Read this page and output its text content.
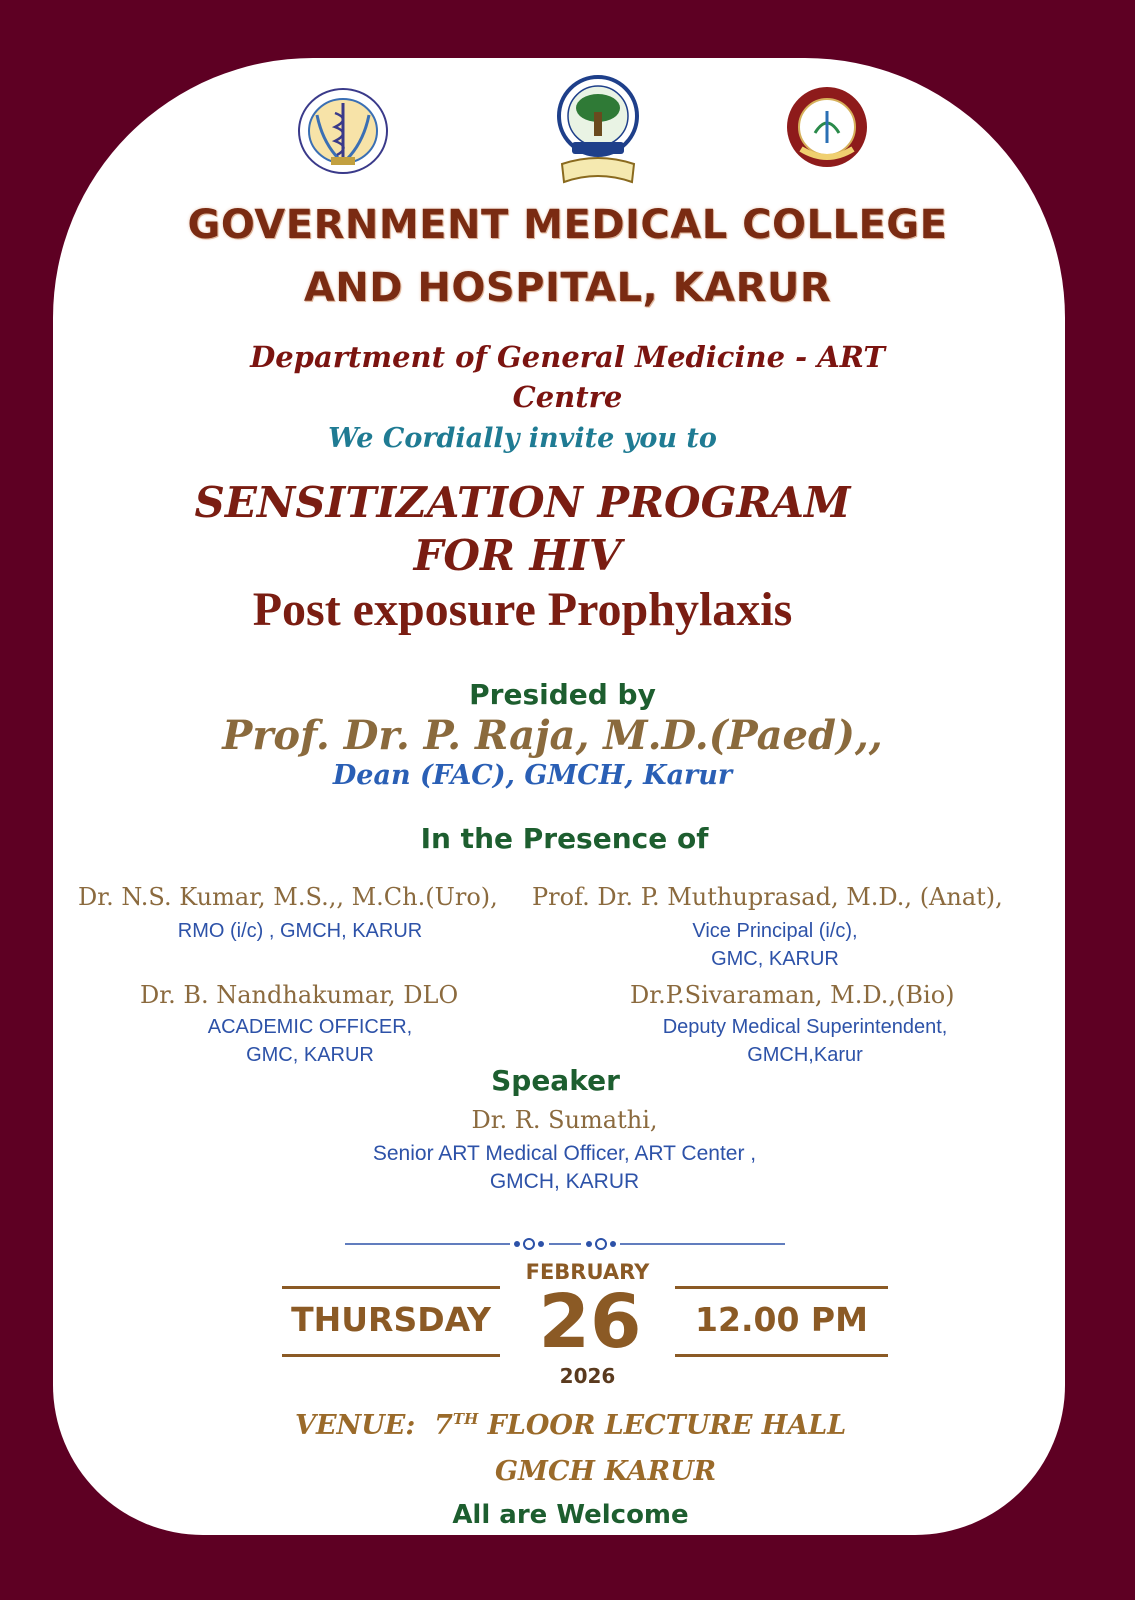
GOVERNMENT MEDICAL COLLEGE

AND HOSPITAL, KARUR

Department of General Medicine - ART

Centre

We Cordially invite you to

SENSITIZATION PROGRAM

FOR HIV

Post exposure Prophylaxis

Presided by

Prof. Dr. P. Raja, M.D.(Paed),,

Dean (FAC), GMCH, Karur

In the Presence of

Dr. N.S. Kumar, M.S.,, M.Ch.(Uro),
RMO (i/c) , GMCH, KARUR
Prof. Dr. P. Muthuprasad, M.D., (Anat),
Vice Principal (i/c),
GMC, KARUR
Dr. B. Nandhakumar, DLO
ACADEMIC OFFICER,
GMC, KARUR
Dr.P.Sivaraman, M.D.,(Bio)
Deputy Medical Superintendent,
GMCH,Karur

Speaker

Dr. R. Sumathi,

Senior ART Medical Officer, ART Center ,

GMCH, KARUR

FEBRUARY

THURSDAY 26

2026

12.00 PM
VENUE: 7TH FLOOR LECTURE HALL
GMCH KARUR

All are Welcome
